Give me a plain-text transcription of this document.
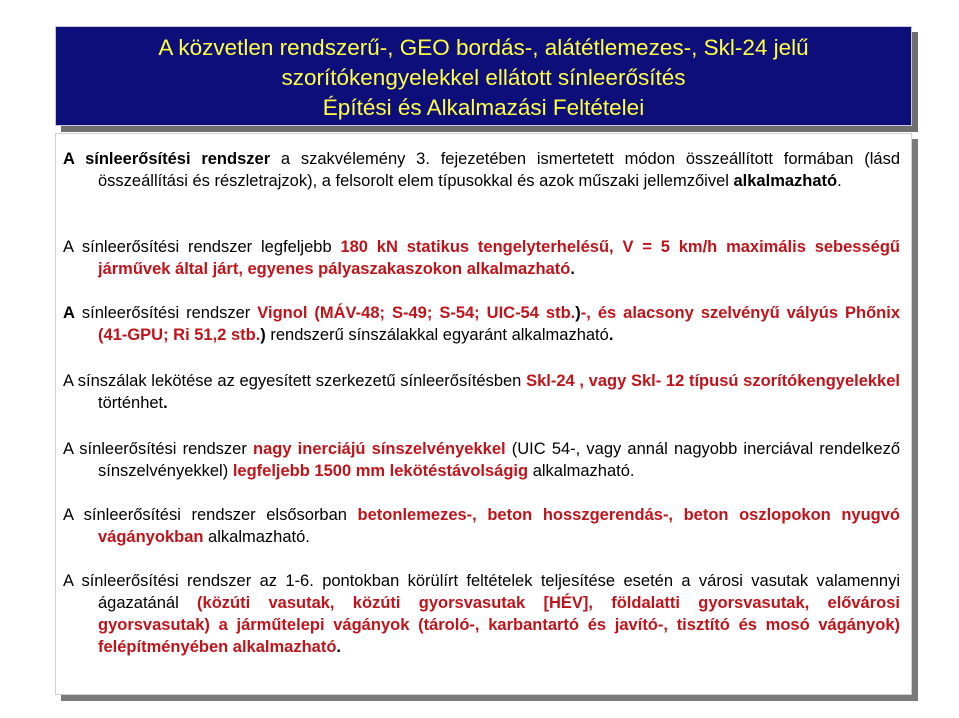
A közvetlen rendszerű-, GEO bordás-, alátétlemezes-, Skl-24 jelű
szorítókengyelekkel ellátott sínleerősítés
Építési és Alkalmazási Feltételei
A sínleerősítési rendszer a szakvélemény 3. fejezetében ismertetett módon összeállított formában (lásd összeállítási és részletrajzok), a felsorolt elem típusokkal és azok műszaki jellemzőivel alkalmazható.
A sínleerősítési rendszer legfeljebb 180 kN statikus tengelyterhelésű, V = 5 km/h maximális sebességű járművek által járt, egyenes pályaszakaszokon alkalmazható.
A sínleerősítési rendszer Vignol (MÁV-48; S-49; S-54; UIC-54 stb.)-, és alacsony szelvényű vályús Phőnix (41-GPU; Ri 51,2 stb.) rendszerű sínszálakkal egyaránt alkalmazható.
A sínszálak lekötése az egyesített szerkezetű sínleerősítésben Skl-24 , vagy Skl- 12 típusú szorítókengyelekkel történhet.
A sínleerősítési rendszer nagy inerciájú sínszelvényekkel (UIC 54-, vagy annál nagyobb inerciával rendelkező sínszelvényekkel) legfeljebb 1500 mm lekötéstávolságig alkalmazható.
A sínleerősítési rendszer elsősorban betonlemezes-, beton hosszgerendás-, beton oszlopokon nyugvó vágányokban alkalmazható.
A sínleerősítési rendszer az 1-6. pontokban körülírt feltételek teljesítése esetén a városi vasutak valamennyi ágazatánál (közúti vasutak, közúti gyorsvasutak [HÉV], földalatti gyorsvasutak, elővárosi gyorsvasutak) a járműtelepi vágányok (tároló-, karbantartó és javító-, tisztító és mosó vágányok) felépítményében alkalmazható.
